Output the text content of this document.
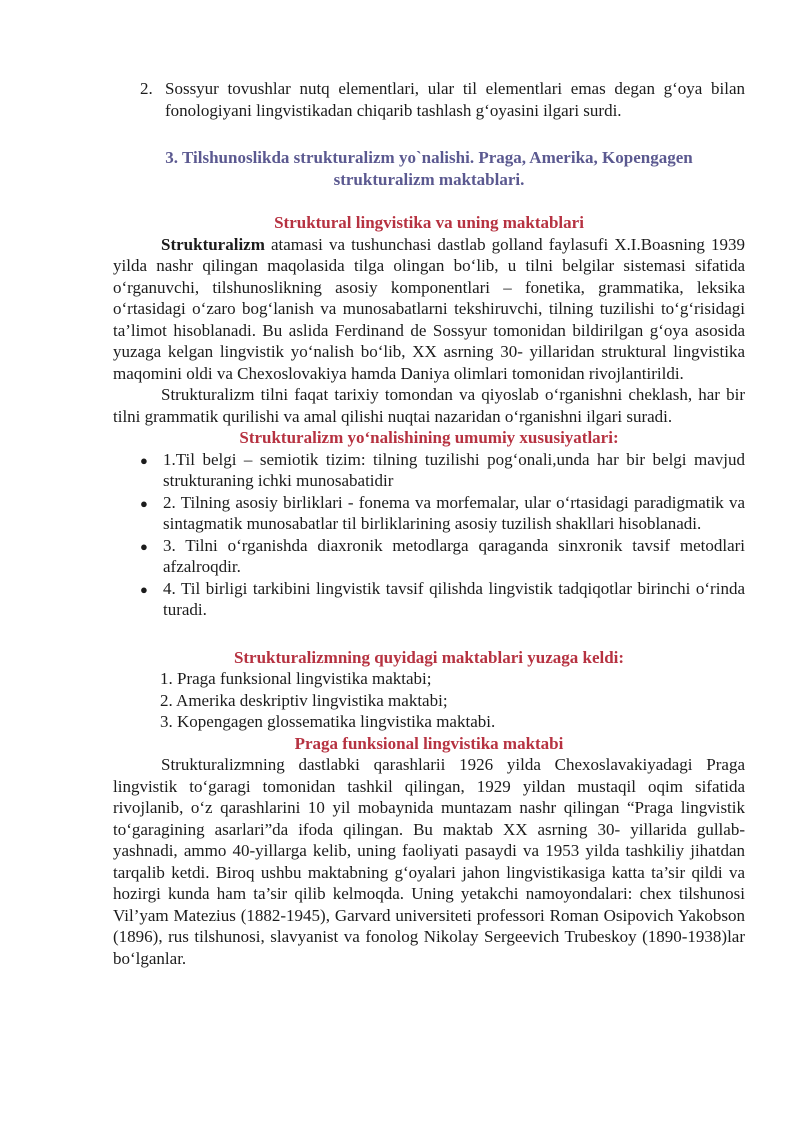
2. Sossyur tovushlar nutq elementlari, ular til elementlari emas degan g‘oya bilan fonologiyani lingvistikadan chiqarib tashlash g‘oyasini ilgari surdi.
3. Tilshunoslikda strukturalizm yo`nalishi. Praga, Amerika, Kopengagen strukturalizm maktablari.
Struktural lingvistika va uning maktablari

Strukturalizm atamasi va tushunchasi dastlab golland faylasufi X.I.Boasning 1939 yilda nashr qilingan maqolasida tilga olingan bo‘lib, u tilni belgilar sistemasi sifatida o‘rganuvchi, tilshunoslikning asosiy komponentlari – fonetika, grammatika, leksika o‘rtasidagi o‘zaro bog‘lanish va munosabatlarni tekshiruvchi, tilning tuzilishi to‘g‘risidagi ta’limot hisoblanadi. Bu aslida Ferdinand de Sossyur tomonidan bildirilgan g‘oya asosida yuzaga kelgan lingvistik yo‘nalish bo‘lib, XX asrning 30- yillaridan struktural lingvistika maqomini oldi va Chexoslovakiya hamda Daniya olimlari tomonidan rivojlantirildi.

Strukturalizm tilni faqat tarixiy tomondan va qiyoslab o‘rganishni cheklash, har bir tilni grammatik qurilishi va amal qilishi nuqtai nazaridan o‘rganishni ilgari suradi.

Strukturalizm yo‘nalishining umumiy xususiyatlari:
● 1.Til belgi – semiotik tizim: tilning tuzilishi pog‘onali,unda har bir belgi mavjud strukturaning ichki munosabatidir
● 2. Tilning asosiy birliklari - fonema va morfemalar, ular o‘rtasidagi paradigmatik va sintagmatik munosabatlar til birliklarining asosiy tuzilish shakllari hisoblanadi.
● 3. Tilni o‘rganishda diaxronik metodlarga qaraganda sinxronik tavsif metodlari afzalroqdir.
● 4. Til birligi tarkibini lingvistik tavsif qilishda lingvistik tadqiqotlar birinchi o‘rinda turadi.
Strukturalizmning quyidagi maktablari yuzaga keldi:
1. Praga funksional lingvistika maktabi;
2. Amerika deskriptiv lingvistika maktabi;
3. Kopengagen glossematika lingvistika maktabi.
Praga funksional lingvistika maktabi

Strukturalizmning dastlabki qarashlarii 1926 yilda Chexoslavakiyadagi Praga lingvistik to‘garagi tomonidan tashkil qilingan, 1929 yildan mustaqil oqim sifatida rivojlanib, o‘z qarashlarini 10 yil mobaynida muntazam nashr qilingan “Praga lingvistik to‘garagining asarlari”da ifoda qilingan. Bu maktab XX asrning 30- yillarida gullab-yashnadi, ammo 40-yillarga kelib, uning faoliyati pasaydi va 1953 yilda tashkiliy jihatdan tarqalib ketdi. Biroq ushbu maktabning g‘oyalari jahon lingvistikasiga katta ta’sir qildi va hozirgi kunda ham ta’sir qilib kelmoqda. Uning yetakchi namoyondalari: chex tilshunosi Vil’yam Matezius (1882-1945), Garvard universiteti professori Roman Osipovich Yakobson (1896), rus tilshunosi, slavyanist va fonolog Nikolay Sergeevich Trubeskoy (1890-1938)lar bo‘lganlar.
